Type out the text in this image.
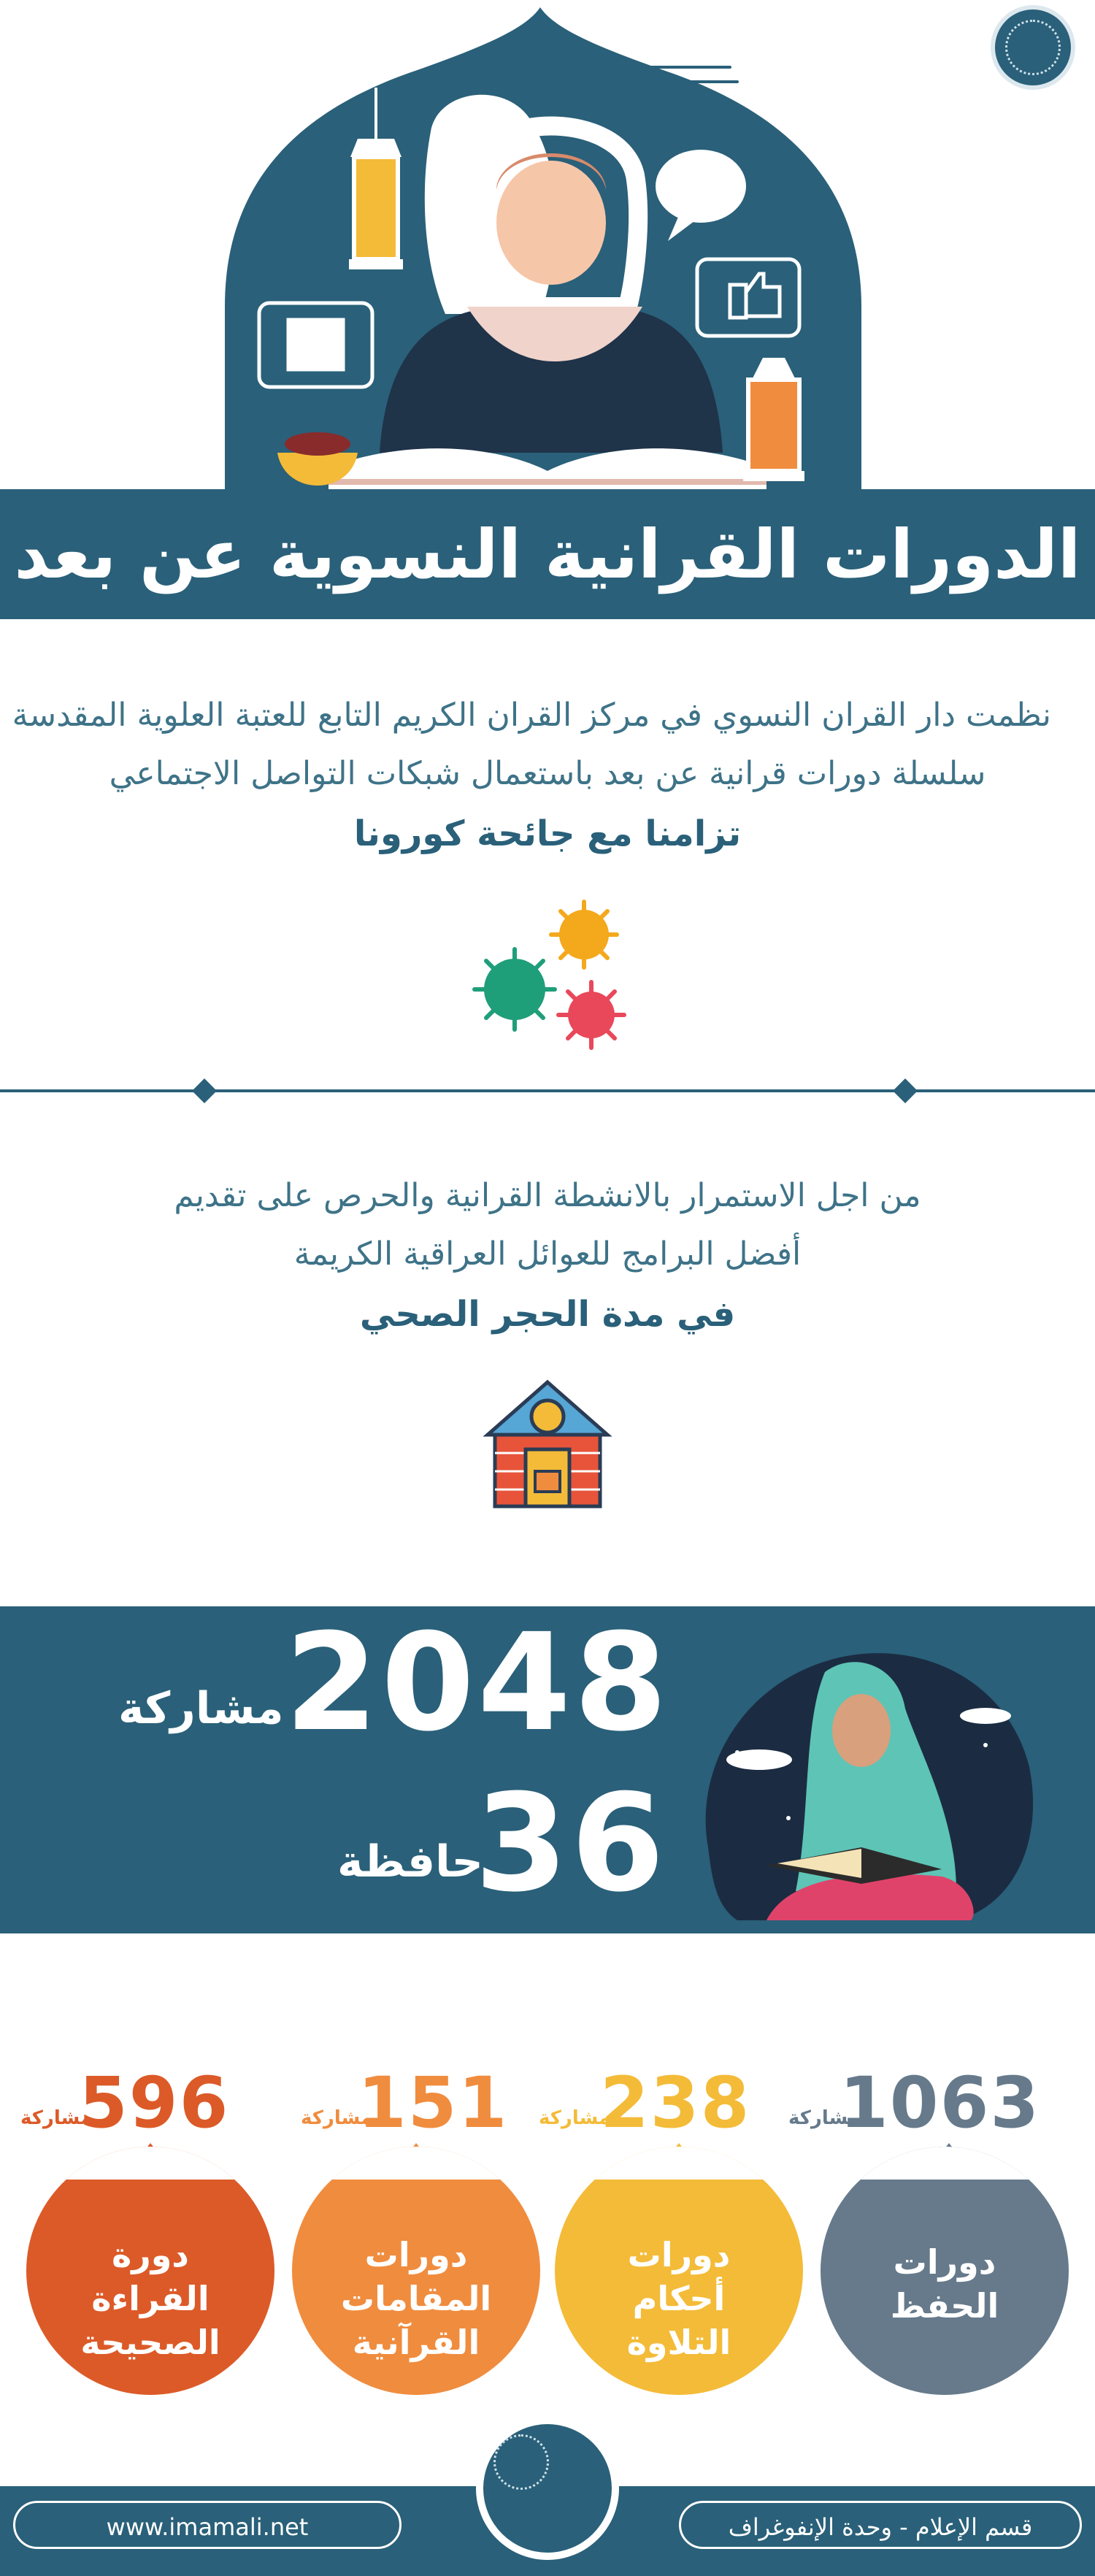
الدورات القرانية النسوية عن بعد
نظمت دار القران النسوي في مركز القران الكريم التابع للعتبة العلوية المقدسة
سلسلة دورات قرانية عن بعد باستعمال شبكات التواصل الاجتماعي
تزامنا مع جائحة كورونا
من اجل الاستمرار بالانشطة القرانية والحرص على تقديم
أفضل البرامج للعوائل العراقية الكريمة
في مدة الحجر الصحي
2048
مشاركة
36
حافظة
596
مشاركة
دورة
القراءة
الصحيحة
151
مشاركة
دورات
المقامات
القرآنية
238
مشاركة
دورات
أحكام
التلاوة
1063
مشاركة
دورات
الحفظ
www.imamali.net	قسم الإعلام - وحدة الإنفوغراف
